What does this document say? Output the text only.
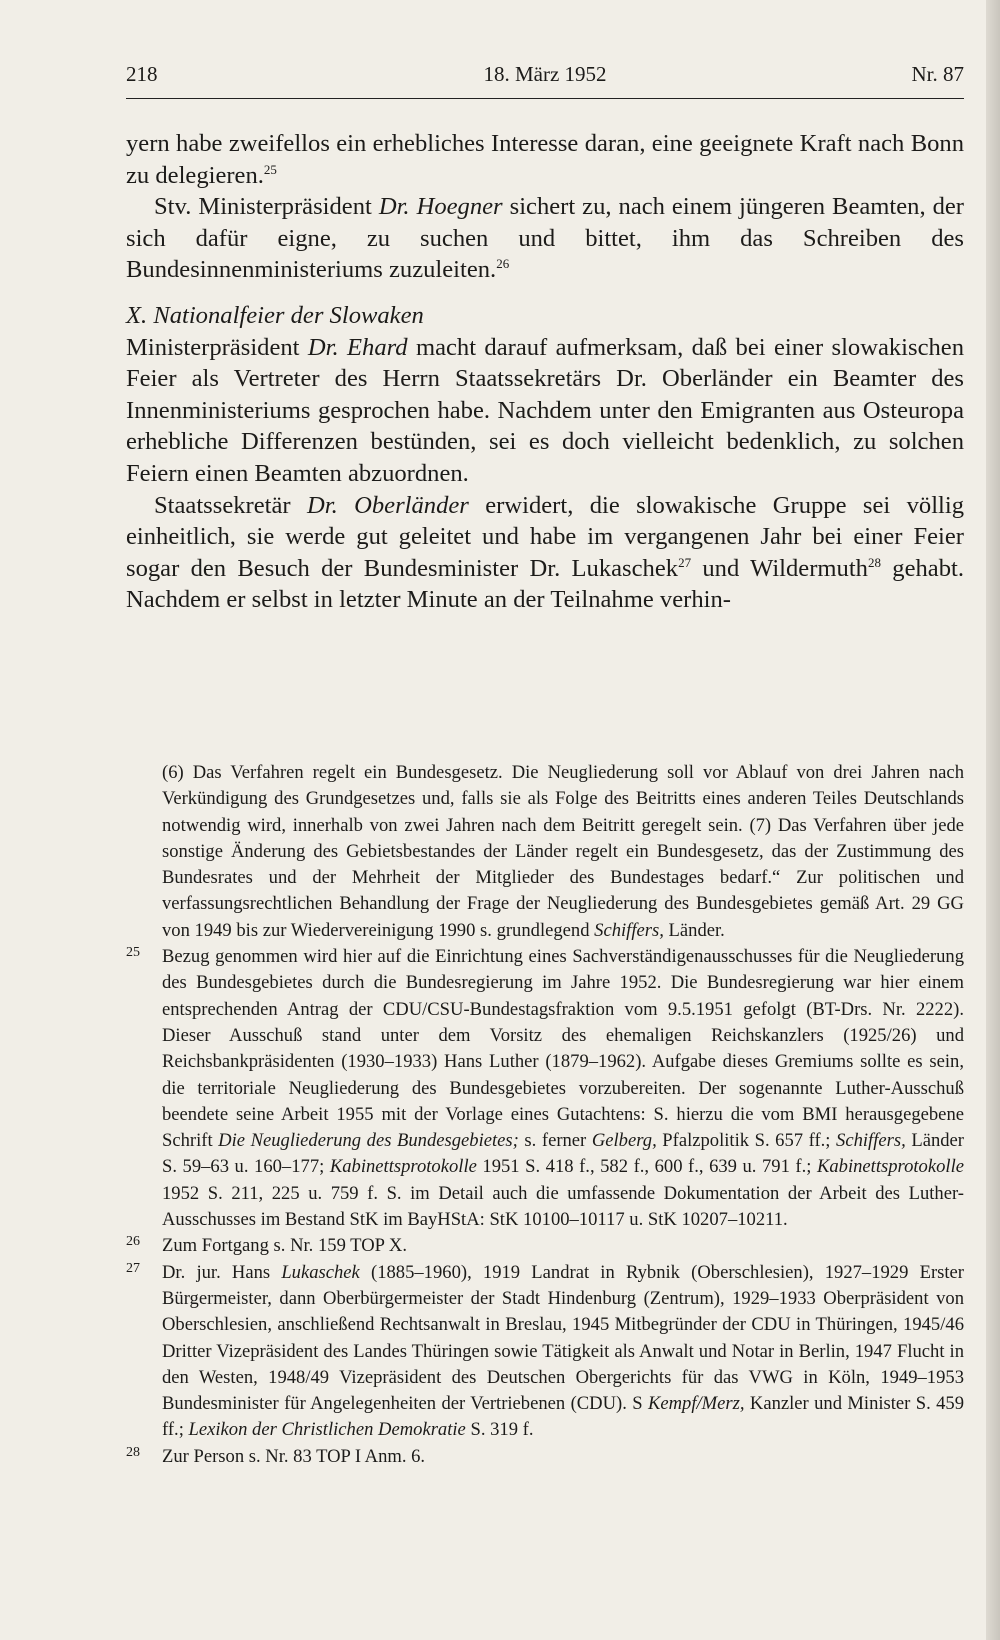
218	18. März 1952	Nr. 87

yern habe zweifellos ein erhebliches Interesse daran, eine geeignete Kraft nach Bonn zu delegieren.$^{25}$

Stv. Ministerpräsident Dr. Hoegner sichert zu, nach einem jüngeren Beamten, der sich dafür eigne, zu suchen und bittet, ihm das Schreiben des Bundesinnenministeriums zuzuleiten.$^{26}$

X. Nationalfeier der Slowaken

Ministerpräsident Dr. Ehard macht darauf aufmerksam, daß bei einer slowakischen Feier als Vertreter des Herrn Staatssekretärs Dr. Oberländer ein Beamter des Innenministeriums gesprochen habe. Nachdem unter den Emigranten aus Osteuropa erhebliche Differenzen bestünden, sei es doch vielleicht bedenklich, zu solchen Feiern einen Beamten abzuordnen.

Staatssekretär Dr. Oberländer erwidert, die slowakische Gruppe sei völlig einheitlich, sie werde gut geleitet und habe im vergangenen Jahr bei einer Feier sogar den Besuch der Bundesminister Dr. Lukaschek$^{27}$ und Wildermuth$^{28}$ gehabt. Nachdem er selbst in letzter Minute an der Teilnahme verhin-

(6) Das Verfahren regelt ein Bundesgesetz. Die Neugliederung soll vor Ablauf von drei Jahren nach Verkündigung des Grundgesetzes und, falls sie als Folge des Beitritts eines anderen Teiles Deutschlands notwendig wird, innerhalb von zwei Jahren nach dem Beitritt geregelt sein. (7) Das Verfahren über jede sonstige Änderung des Gebietsbestandes der Länder regelt ein Bundesgesetz, das der Zustimmung des Bundesrates und der Mehrheit der Mitglieder des Bundestages bedarf.“ Zur politischen und verfassungsrechtlichen Behandlung der Frage der Neugliederung des Bundesgebietes gemäß Art. 29 GG von 1949 bis zur Wiedervereinigung 1990 s. grundlegend Schiffers, Länder.

25 Bezug genommen wird hier auf die Einrichtung eines Sachverständigenausschusses für die Neugliederung des Bundesgebietes durch die Bundesregierung im Jahre 1952. Die Bundesregierung war hier einem entsprechenden Antrag der CDU/CSU-Bundestagsfraktion vom 9.5.1951 gefolgt (BT-Drs. Nr. 2222). Dieser Ausschuß stand unter dem Vorsitz des ehemaligen Reichskanzlers (1925/26) und Reichsbankpräsidenten (1930–1933) Hans Luther (1879–1962). Aufgabe dieses Gremiums sollte es sein, die territoriale Neugliederung des Bundesgebietes vorzubereiten. Der sogenannte Luther-Ausschuß beendete seine Arbeit 1955 mit der Vorlage eines Gutachtens: S. hierzu die vom BMI herausgegebene Schrift Die Neugliederung des Bundesgebietes; s. ferner Gelberg, Pfalzpolitik S. 657 ff.; Schiffers, Länder S. 59–63 u. 160–177; Kabinettsprotokolle 1951 S. 418 f., 582 f., 600 f., 639 u. 791 f.; Kabinettsprotokolle 1952 S. 211, 225 u. 759 f. S. im Detail auch die umfassende Dokumentation der Arbeit des Luther-Ausschusses im Bestand StK im BayHStA: StK 10100–10117 u. StK 10207–10211.

26 Zum Fortgang s. Nr. 159 TOP X.

27 Dr. jur. Hans Lukaschek (1885–1960), 1919 Landrat in Rybnik (Oberschlesien), 1927–1929 Erster Bürgermeister, dann Oberbürgermeister der Stadt Hindenburg (Zentrum), 1929–1933 Oberpräsident von Oberschlesien, anschließend Rechtsanwalt in Breslau, 1945 Mitbegründer der CDU in Thüringen, 1945/46 Dritter Vizepräsident des Landes Thüringen sowie Tätigkeit als Anwalt und Notar in Berlin, 1947 Flucht in den Westen, 1948/49 Vizepräsident des Deutschen Obergerichts für das VWG in Köln, 1949–1953 Bundesminister für Angelegenheiten der Vertriebenen (CDU). S Kempf/Merz, Kanzler und Minister S. 459 ff.; Lexikon der Christlichen Demokratie S. 319 f.

28 Zur Person s. Nr. 83 TOP I Anm. 6.
